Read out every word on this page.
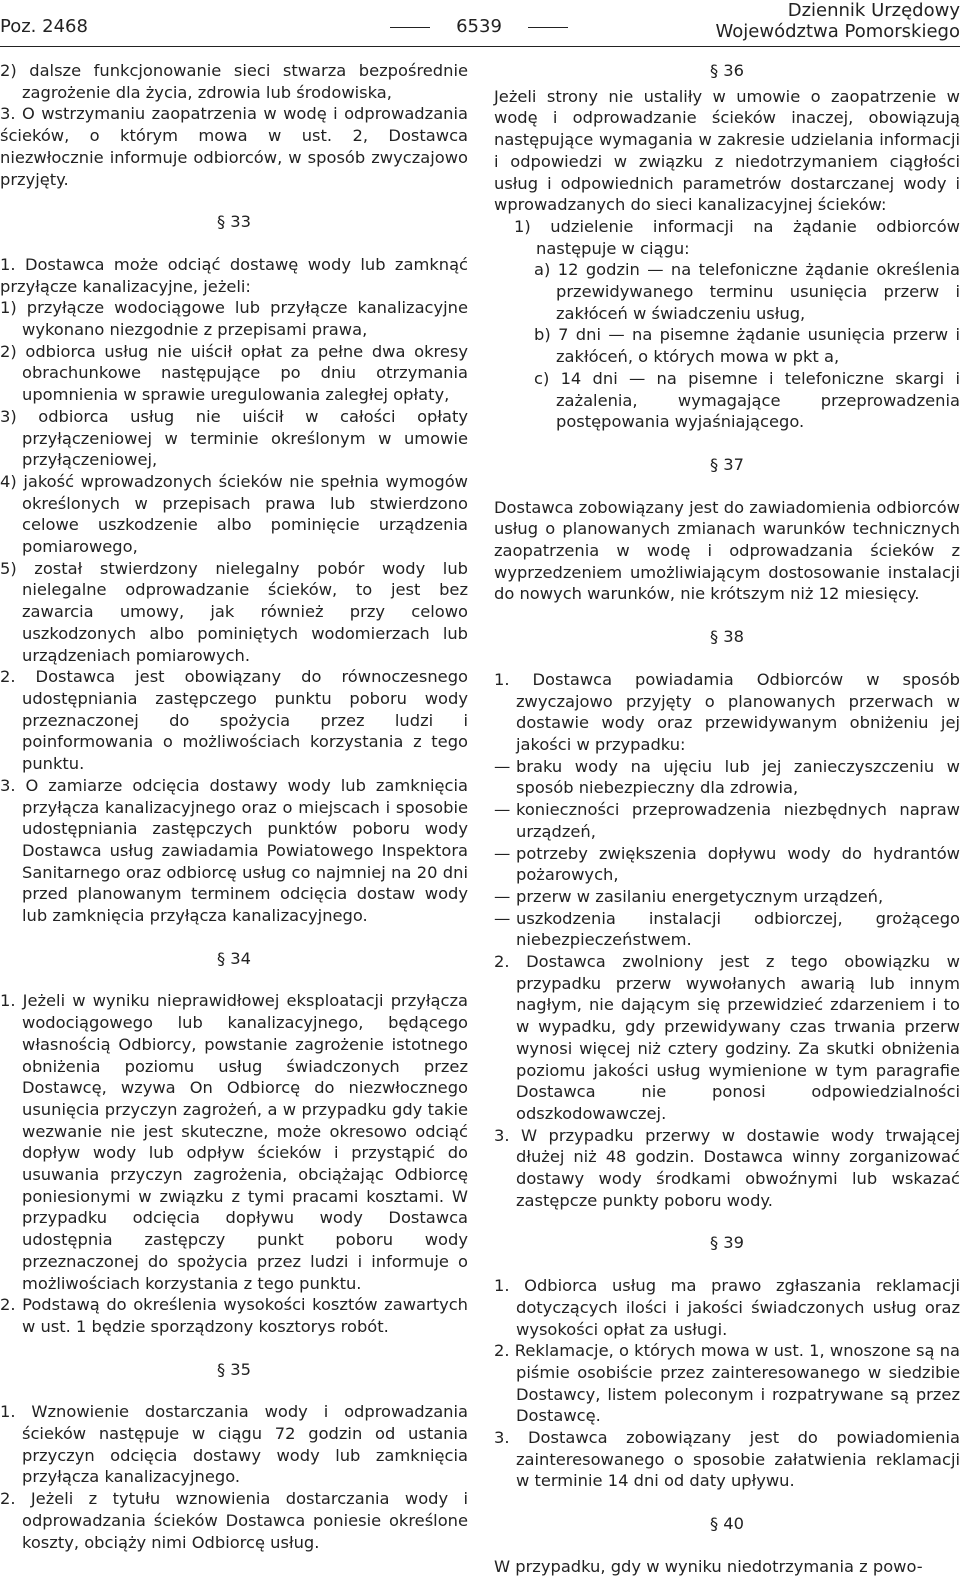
Poz. 2468	6539
Dziennik Urzędowy
Województwa Pomorskiego

2) dalsze funkcjonowanie sieci stwarza bezpośrednie zagrożenie dla życia, zdrowia lub środowiska,

3. O wstrzymaniu zaopatrzenia w wodę i odprowadzania ścieków, o którym mowa w ust. 2, Dostawca niezwłocznie informuje odbiorców, w sposób zwyczajowo przyjęty.

§ 33

1. Dostawca może odciąć dostawę wody lub zamknąć przyłącze kanalizacyjne, jeżeli:

1) przyłącze wodociągowe lub przyłącze kanalizacyjne wykonano niezgodnie z przepisami prawa,

2) odbiorca usług nie uiścił opłat za pełne dwa okresy obrachunkowe następujące po dniu otrzymania upomnienia w sprawie uregulowania zaległej opłaty,

3) odbiorca usług nie uiścił w całości opłaty przyłączeniowej w terminie określonym w umowie przyłączeniowej,

4) jakość wprowadzonych ścieków nie spełnia wymogów określonych w przepisach prawa lub stwierdzono celowe uszkodzenie albo pominięcie urządzenia pomiarowego,

5) został stwierdzony nielegalny pobór wody lub nielegalne odprowadzanie ścieków, to jest bez zawarcia umowy, jak również przy celowo uszkodzonych albo pominiętych wodomierzach lub urządzeniach pomiarowych.

2. Dostawca jest obowiązany do równoczesnego udostępniania zastępczego punktu poboru wody przeznaczonej do spożycia przez ludzi i poinformowania o możliwościach korzystania z tego punktu.

3. O zamiarze odcięcia dostawy wody lub zamknięcia przyłącza kanalizacyjnego oraz o miejscach i sposobie udostępniania zastępczych punktów poboru wody Dostawca usług zawiadamia Powiatowego Inspektora Sanitarnego oraz odbiorcę usług co najmniej na 20 dni przed planowanym terminem odcięcia dostaw wody lub zamknięcia przyłącza kanalizacyjnego.

§ 34

1. Jeżeli w wyniku nieprawidłowej eksploatacji przyłącza wodociągowego lub kanalizacyjnego, będącego własnością Odbiorcy, powstanie zagrożenie istotnego obniżenia poziomu usług świadczonych przez Dostawcę, wzywa On Odbiorcę do niezwłocznego usunięcia przyczyn zagrożeń, a w przypadku gdy takie wezwanie nie jest skuteczne, może okresowo odciąć dopływ wody lub odpływ ścieków i przystąpić do usuwania przyczyn zagrożenia, obciążając Odbiorcę poniesionymi w związku z tymi pracami kosztami. W przypadku odcięcia dopływu wody Dostawca udostępnia zastępczy punkt poboru wody przeznaczonej do spożycia przez ludzi i informuje o możliwościach korzystania z tego punktu.

2. Podstawą do określenia wysokości kosztów zawartych w ust. 1 będzie sporządzony kosztorys robót.

§ 35

1. Wznowienie dostarczania wody i odprowadzania ścieków następuje w ciągu 72 godzin od ustania przyczyn odcięcia dostawy wody lub zamknięcia przyłącza kanalizacyjnego.

2. Jeżeli z tytułu wznowienia dostarczania wody i odprowadzania ścieków Dostawca poniesie określone koszty, obciąży nimi Odbiorcę usług.

§ 36

Jeżeli strony nie ustaliły w umowie o zaopatrzenie w wodę i odprowadzanie ścieków inaczej, obowiązują następujące wymagania w zakresie udzielania informacji i odpowiedzi w związku z niedotrzymaniem ciągłości usług i odpowiednich parametrów dostarczanej wody i wprowadzanych do sieci kanalizacyjnej ścieków:

1) udzielenie informacji na żądanie odbiorców następuje w ciągu:

a) 12 godzin — na telefoniczne żądanie określenia przewidywanego terminu usunięcia przerw i zakłóceń w świadczeniu usług,

b) 7 dni — na pisemne żądanie usunięcia przerw i zakłóceń, o których mowa w pkt a,

c) 14 dni — na pisemne i telefoniczne skargi i zażalenia, wymagające przeprowadzenia postępowania wyjaśniającego.

§ 37

Dostawca zobowiązany jest do zawiadomienia odbiorców usług o planowanych zmianach warunków technicznych zaopatrzenia w wodę i odprowadzania ścieków z wyprzedzeniem umożliwiającym dostosowanie instalacji do nowych warunków, nie krótszym niż 12 miesięcy.

§ 38

1. Dostawca powiadamia Odbiorców w sposób zwyczajowo przyjęty o planowanych przerwach w dostawie wody oraz przewidywanym obniżeniu jej jakości w przypadku:

— braku wody na ujęciu lub jej zanieczyszczeniu w sposób niebezpieczny dla zdrowia,

— konieczności przeprowadzenia niezbędnych napraw urządzeń,

— potrzeby zwiększenia dopływu wody do hydrantów pożarowych,

— przerw w zasilaniu energetycznym urządzeń,

— uszkodzenia instalacji odbiorczej, grożącego niebezpieczeństwem.

2. Dostawca zwolniony jest z tego obowiązku w przypadku przerw wywołanych awarią lub innym nagłym, nie dającym się przewidzieć zdarzeniem i to w wypadku, gdy przewidywany czas trwania przerw wynosi więcej niż cztery godziny. Za skutki obniżenia poziomu jakości usług wymienione w tym paragrafie Dostawca nie ponosi odpowiedzialności odszkodowawczej.

3. W przypadku przerwy w dostawie wody trwającej dłużej niż 48 godzin. Dostawca winny zorganizować dostawy wody środkami obwoźnymi lub wskazać zastępcze punkty poboru wody.

§ 39

1. Odbiorca usług ma prawo zgłaszania reklamacji dotyczących ilości i jakości świadczonych usług oraz wysokości opłat za usługi.

2. Reklamacje, o których mowa w ust. 1, wnoszone są na piśmie osobiście przez zainteresowanego w siedzibie Dostawcy, listem poleconym i rozpatrywane są przez Dostawcę.

3. Dostawca zobowiązany jest do powiadomienia zainteresowanego o sposobie załatwienia reklamacji w terminie 14 dni od daty upływu.

§ 40

W przypadku, gdy w wyniku niedotrzymania z powo-
